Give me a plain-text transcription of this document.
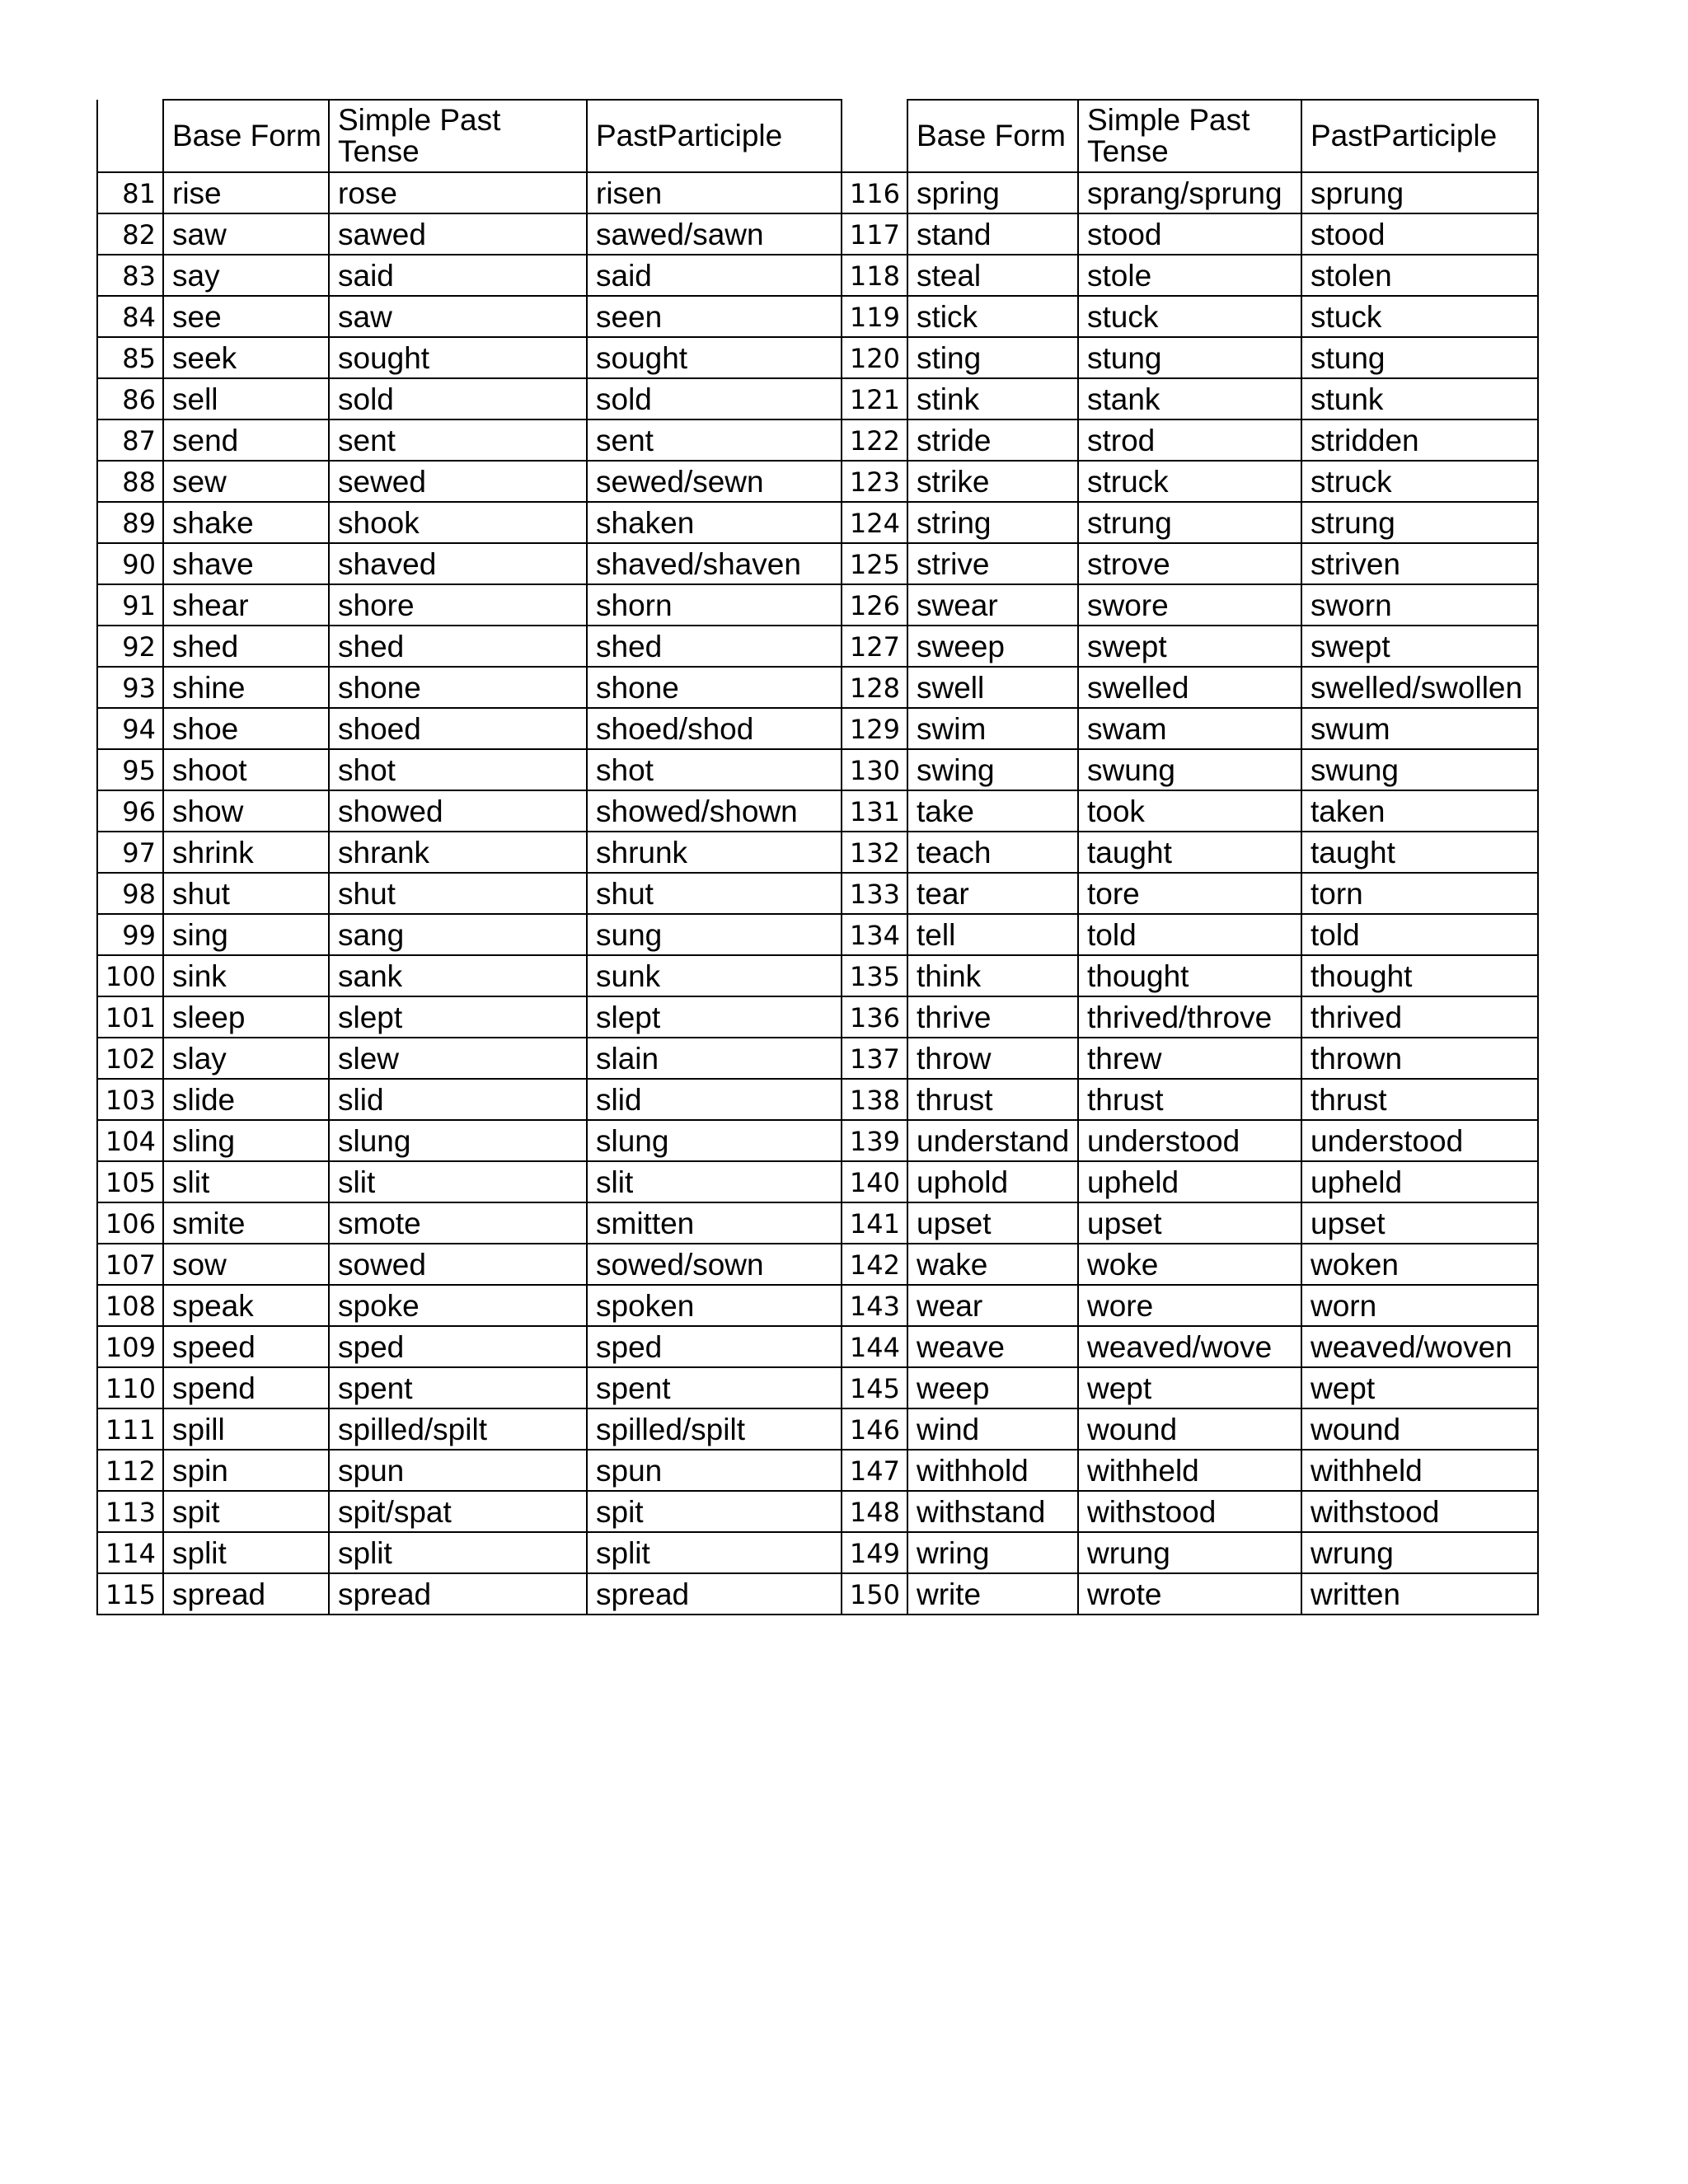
	Base Form	Simple Past Tense	PastParticiple		Base Form	Simple Past Tense	PastParticiple
81	rise	rose	risen	116	spring	sprang/sprung	sprung
82	saw	sawed	sawed/sawn	117	stand	stood	stood
83	say	said	said	118	steal	stole	stolen
84	see	saw	seen	119	stick	stuck	stuck
85	seek	sought	sought	120	sting	stung	stung
86	sell	sold	sold	121	stink	stank	stunk
87	send	sent	sent	122	stride	strod	stridden
88	sew	sewed	sewed/sewn	123	strike	struck	struck
89	shake	shook	shaken	124	string	strung	strung
90	shave	shaved	shaved/shaven	125	strive	strove	striven
91	shear	shore	shorn	126	swear	swore	sworn
92	shed	shed	shed	127	sweep	swept	swept
93	shine	shone	shone	128	swell	swelled	swelled/swollen
94	shoe	shoed	shoed/shod	129	swim	swam	swum
95	shoot	shot	shot	130	swing	swung	swung
96	show	showed	showed/shown	131	take	took	taken
97	shrink	shrank	shrunk	132	teach	taught	taught
98	shut	shut	shut	133	tear	tore	torn
99	sing	sang	sung	134	tell	told	told
100	sink	sank	sunk	135	think	thought	thought
101	sleep	slept	slept	136	thrive	thrived/throve	thrived
102	slay	slew	slain	137	throw	threw	thrown
103	slide	slid	slid	138	thrust	thrust	thrust
104	sling	slung	slung	139	understand	understood	understood
105	slit	slit	slit	140	uphold	upheld	upheld
106	smite	smote	smitten	141	upset	upset	upset
107	sow	sowed	sowed/sown	142	wake	woke	woken
108	speak	spoke	spoken	143	wear	wore	worn
109	speed	sped	sped	144	weave	weaved/wove	weaved/woven
110	spend	spent	spent	145	weep	wept	wept
111	spill	spilled/spilt	spilled/spilt	146	wind	wound	wound
112	spin	spun	spun	147	withhold	withheld	withheld
113	spit	spit/spat	spit	148	withstand	withstood	withstood
114	split	split	split	149	wring	wrung	wrung
115	spread	spread	spread	150	write	wrote	written
